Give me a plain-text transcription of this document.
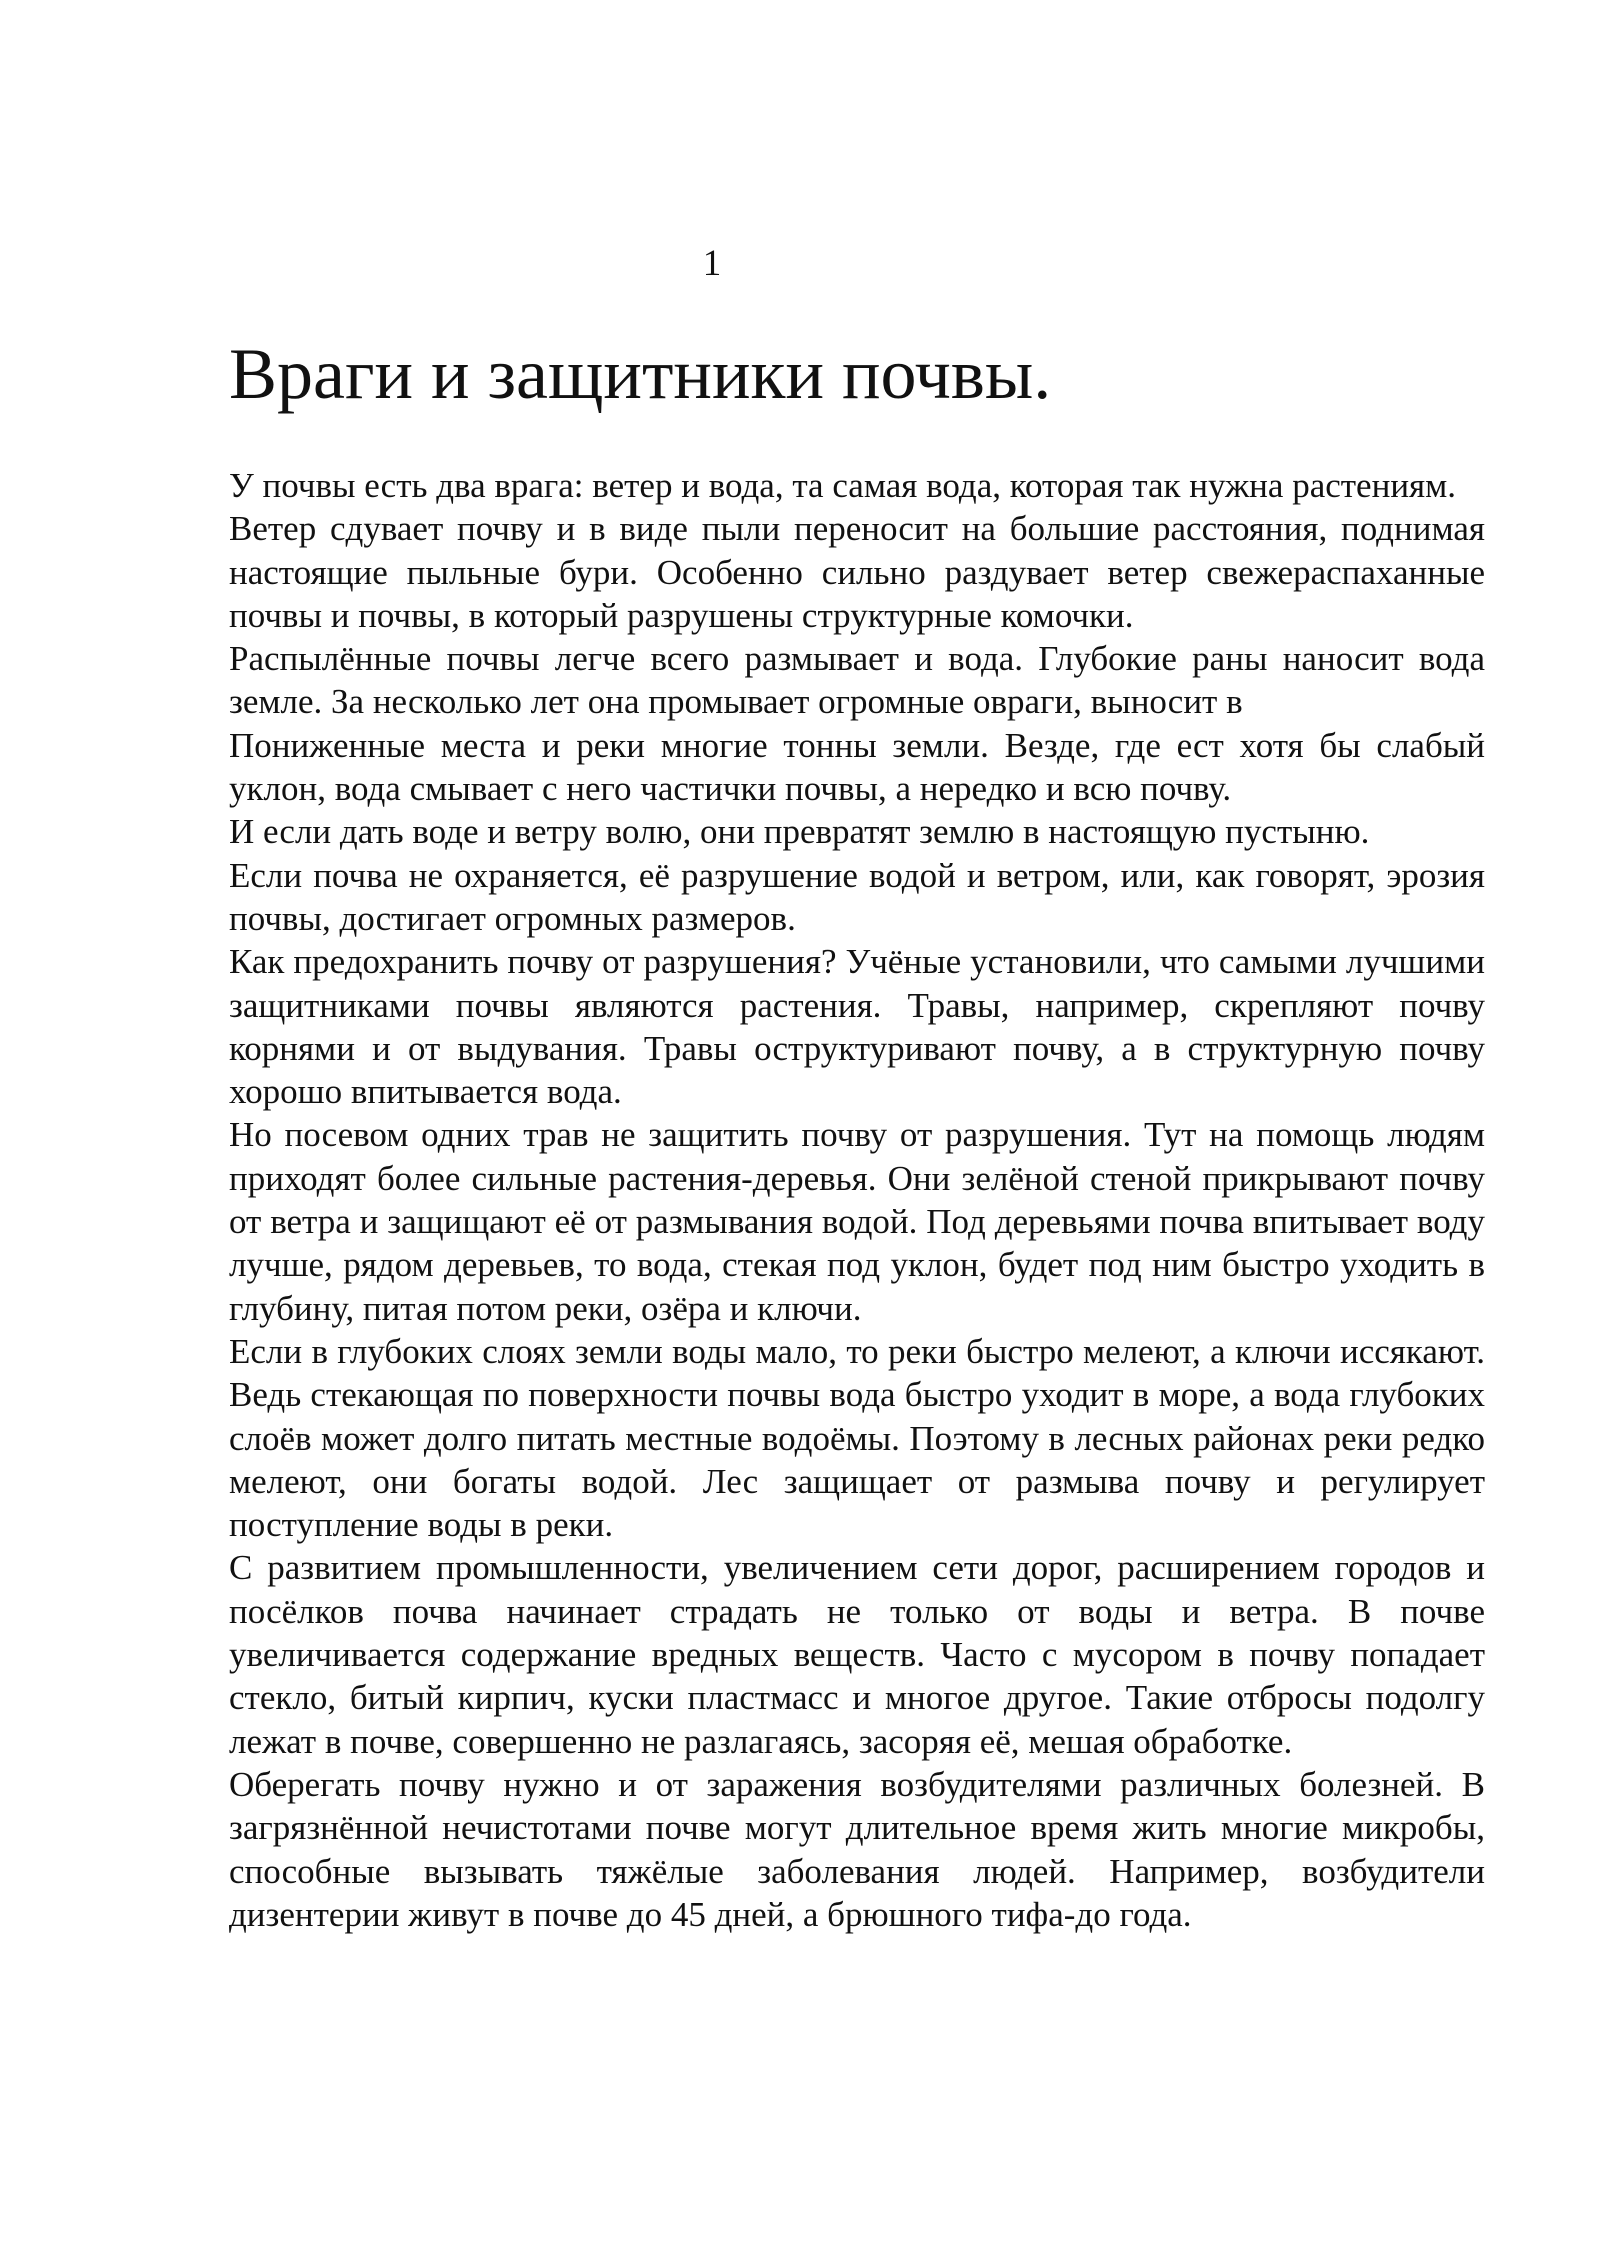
1
Враги и защитники почвы.

У почвы есть два врага: ветер и вода, та самая вода, которая так нужна растениям.

Ветер сдувает почву и в виде пыли переносит на большие расстояния, поднимая настоящие пыльные бури. Особенно сильно раздувает ветер свежераспаханные почвы и почвы, в который разрушены структурные комочки.

Распылённые почвы легче всего размывает и вода. Глубокие раны наносит вода земле. За несколько лет она промывает огромные овраги, выносит в

Пониженные места и реки многие тонны земли. Везде, где ест хотя бы слабый уклон, вода смывает с него частички почвы, а нередко и всю почву.

И если дать воде и ветру волю, они превратят землю в настоящую пустыню.

Если почва не охраняется, её разрушение водой и ветром, или, как говорят, эрозия почвы, достигает огромных размеров.

Как предохранить почву от разрушения? Учёные установили, что самыми лучшими защитниками почвы являются растения. Травы, например, скрепляют почву корнями и от выдувания. Травы оструктуривают почву, а в структурную почву хорошо впитывается вода.

Но посевом одних трав не защитить почву от разрушения. Тут на помощь людям приходят более сильные растения-деревья. Они зелёной стеной прикрывают почву от ветра и защищают её от размывания водой. Под деревьями почва впитывает воду лучше, рядом деревьев, то вода, стекая под уклон, будет под ним быстро уходить в глубину, питая потом реки, озёра и ключи.

Если в глубоких слоях земли воды мало, то реки быстро мелеют, а ключи иссякают. Ведь стекающая по поверхности почвы вода быстро уходит в море, а вода глубоких слоёв может долго питать местные водоёмы. Поэтому в лесных районах реки редко мелеют, они богаты водой. Лес защищает от размыва почву и регулирует поступление воды в реки.

С развитием промышленности, увеличением сети дорог, расширением городов и посёлков почва начинает страдать не только от воды и ветра. В почве увеличивается содержание вредных веществ. Часто с мусором в почву попадает стекло, битый кирпич, куски пластмасс и многое другое. Такие отбросы подолгу лежат в почве, совершенно не разлагаясь, засоряя её, мешая обработке.

Оберегать почву нужно и от заражения возбудителями различных болезней. В загрязнённой нечистотами почве могут длительное время жить многие микробы, способные вызывать тяжёлые заболевания людей. Например, возбудители дизентерии живут в почве до 45 дней, а брюшного тифа-до года.
